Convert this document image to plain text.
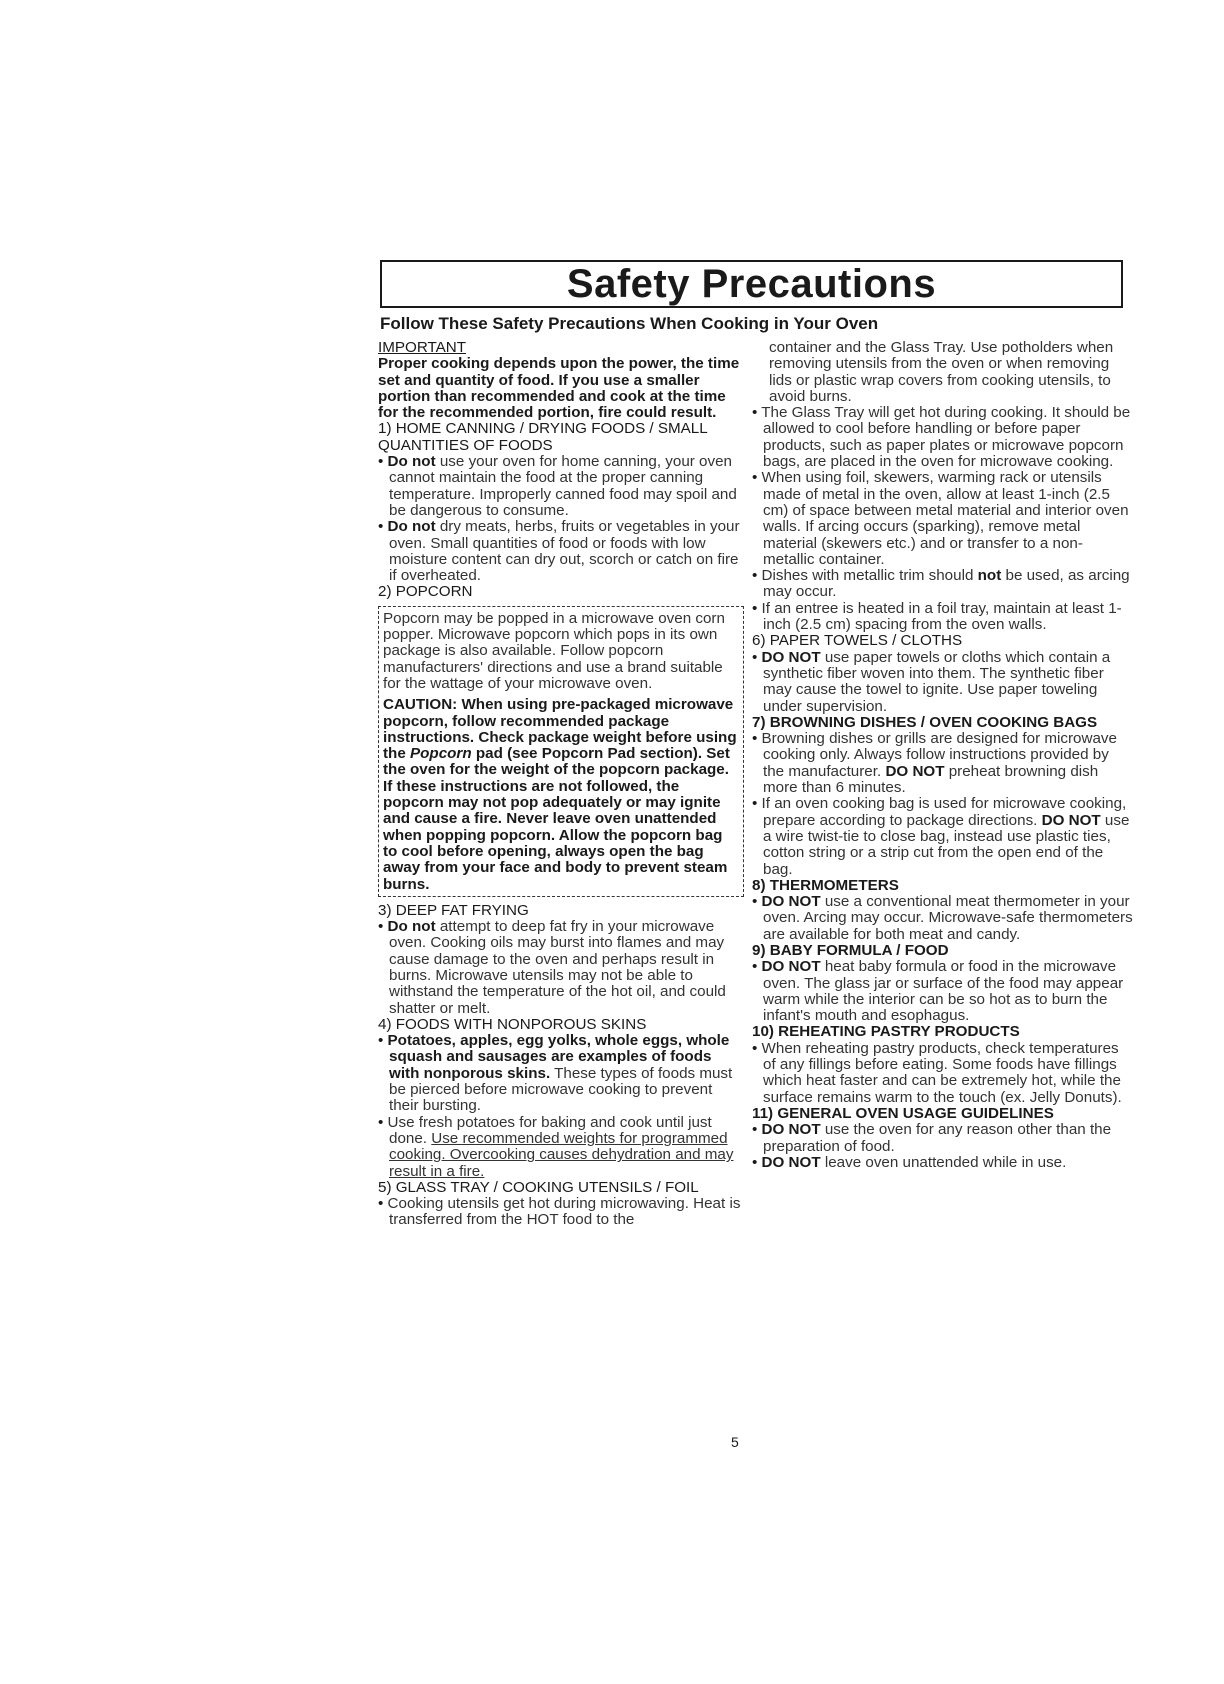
Safety Precautions
Follow These Safety Precautions When Cooking in Your Oven

IMPORTANT

Proper cooking depends upon the power, the time set and quantity of food. If you use a smaller portion than recommended and cook at the time for the recommended portion, fire could result.

1) HOME CANNING / DRYING FOODS / SMALL QUANTITIES OF FOODS

• Do not use your oven for home canning, your oven cannot maintain the food at the proper canning temperature. Improperly canned food may spoil and be dangerous to consume.

• Do not dry meats, herbs, fruits or vegetables in your oven. Small quantities of food or foods with low moisture content can dry out, scorch or catch on fire if overheated.

2) POPCORN

Popcorn may be popped in a microwave oven corn popper. Microwave popcorn which pops in its own package is also available. Follow popcorn manufacturers' directions and use a brand suitable for the wattage of your microwave oven.

CAUTION: When using pre-packaged microwave popcorn, follow recommended package instructions. Check package weight before using the Popcorn pad (see Popcorn Pad section). Set the oven for the weight of the popcorn package.

If these instructions are not followed, the popcorn may not pop adequately or may ignite and cause a fire. Never leave oven unattended when popping popcorn. Allow the popcorn bag to cool before opening, always open the bag away from your face and body to prevent steam burns.

3) DEEP FAT FRYING

• Do not attempt to deep fat fry in your microwave oven. Cooking oils may burst into flames and may cause damage to the oven and perhaps result in burns. Microwave utensils may not be able to withstand the temperature of the hot oil, and could shatter or melt.

4) FOODS WITH NONPOROUS SKINS

• Potatoes, apples, egg yolks, whole eggs, whole squash and sausages are examples of foods with nonporous skins. These types of foods must be pierced before microwave cooking to prevent their bursting.

• Use fresh potatoes for baking and cook until just done. Use recommended weights for programmed cooking. Overcooking causes dehydration and may result in a fire.

5) GLASS TRAY / COOKING UTENSILS / FOIL

• Cooking utensils get hot during microwaving. Heat is transferred from the HOT food to the

container and the Glass Tray. Use potholders when removing utensils from the oven or when removing lids or plastic wrap covers from cooking utensils, to avoid burns.

• The Glass Tray will get hot during cooking. It should be allowed to cool before handling or before paper products, such as paper plates or microwave popcorn bags, are placed in the oven for microwave cooking.

• When using foil, skewers, warming rack or utensils made of metal in the oven, allow at least 1-inch (2.5 cm) of space between metal material and interior oven walls. If arcing occurs (sparking), remove metal material (skewers etc.) and or transfer to a non-metallic container.

• Dishes with metallic trim should not be used, as arcing may occur.

• If an entree is heated in a foil tray, maintain at least 1-inch (2.5 cm) spacing from the oven walls.

6) PAPER TOWELS / CLOTHS

• DO NOT use paper towels or cloths which contain a synthetic fiber woven into them. The synthetic fiber may cause the towel to ignite. Use paper toweling under supervision.

7) BROWNING DISHES / OVEN COOKING BAGS

• Browning dishes or grills are designed for microwave cooking only. Always follow instructions provided by the manufacturer. DO NOT preheat browning dish more than 6 minutes.

• If an oven cooking bag is used for microwave cooking, prepare according to package directions. DO NOT use a wire twist-tie to close bag, instead use plastic ties, cotton string or a strip cut from the open end of the bag.

8) THERMOMETERS

• DO NOT use a conventional meat thermometer in your oven. Arcing may occur. Microwave-safe thermometers are available for both meat and candy.

9) BABY FORMULA / FOOD

• DO NOT heat baby formula or food in the microwave oven. The glass jar or surface of the food may appear warm while the interior can be so hot as to burn the infant's mouth and esophagus.

10) REHEATING PASTRY PRODUCTS

• When reheating pastry products, check temperatures of any fillings before eating. Some foods have fillings which heat faster and can be extremely hot, while the surface remains warm to the touch (ex. Jelly Donuts).

11) GENERAL OVEN USAGE GUIDELINES

• DO NOT use the oven for any reason other than the preparation of food.

• DO NOT leave oven unattended while in use.

5
